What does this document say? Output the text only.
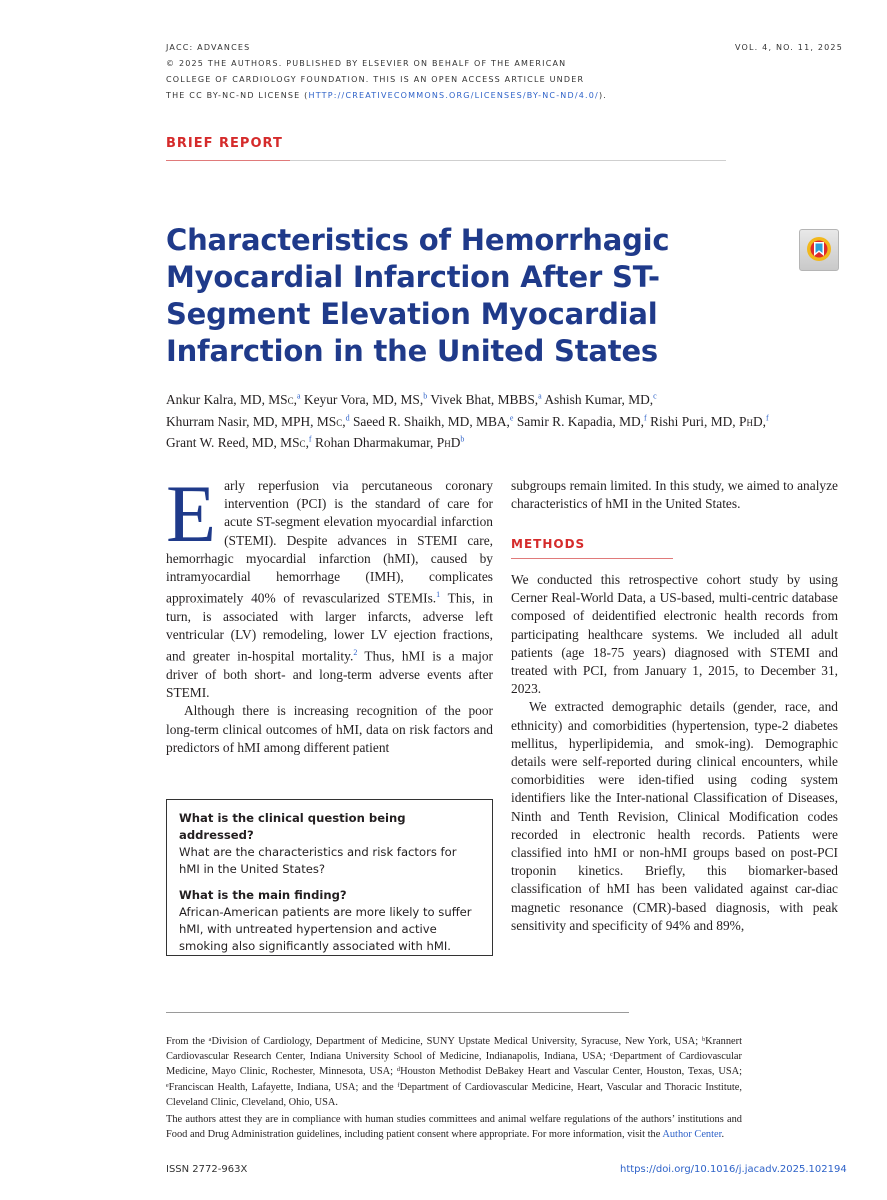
JACC: ADVANCES	VOL. 4, NO. 11, 2025
© 2025 THE AUTHORS. PUBLISHED BY ELSEVIER ON BEHALF OF THE AMERICAN
COLLEGE OF CARDIOLOGY FOUNDATION. THIS IS AN OPEN ACCESS ARTICLE UNDER
THE CC BY-NC-ND LICENSE (HTTP://CREATIVECOMMONS.ORG/LICENSES/BY-NC-ND/4.0/).
BRIEF REPORT
Characteristics of Hemorrhagic Myocardial Infarction After ST-Segment Elevation Myocardial Infarction in the United States
Ankur Kalra, MD, MSc,$^a$ Keyur Vora, MD, MS,$^b$ Vivek Bhat, MBBS,$^a$ Ashish Kumar, MD,$^c$
Khurram Nasir, MD, MPH, MSc,$^d$ Saeed R. Shaikh, MD, MBA,$^e$ Samir R. Kapadia, MD,$^f$ Rishi Puri, MD, PhD,$^f$
Grant W. Reed, MD, MSc,$^f$ Rohan Dharmakumar, PhD$^b$

Early reperfusion via percutaneous coronary intervention (PCI) is the standard of care for acute ST-segment elevation myocardial infarction (STEMI). Despite advances in STEMI care, hemorrhagic myocardial infarction (hMI), caused by intramyocardial hemorrhage (IMH), complicates approximately 40% of revascularized STEMIs.$^1$ This, in turn, is associated with larger infarcts, adverse left ventricular (LV) remodeling, lower LV ejection fractions, and greater in-hospital mortality.$^2$ Thus, hMI is a major driver of both short- and long-term adverse events after STEMI.

Although there is increasing recognition of the poor long-term clinical outcomes of hMI, data on risk factors and predictors of hMI among different patient

What is the clinical question being addressed?
What are the characteristics and risk factors for hMI in the United States?
What is the main finding?
African-American patients are more likely to suffer hMI, with untreated hypertension and active smoking also significantly associated with hMI.

subgroups remain limited. In this study, we aimed to analyze characteristics of hMI in the United States.

METHODS

We conducted this retrospective cohort study by using Cerner Real-World Data, a US-based, multi-centric database composed of deidentified electronic health records from participating healthcare systems. We included all adult patients (age 18-75 years) diagnosed with STEMI and treated with PCI, from January 1, 2015, to December 31, 2023.

We extracted demographic details (gender, race, and ethnicity) and comorbidities (hypertension, type-2 diabetes mellitus, hyperlipidemia, and smok-ing). Demographic details were self-reported during clinical encounters, while comorbidities were iden-tified using coding system identifiers like the Inter-national Classification of Diseases, Ninth and Tenth Revision, Clinical Modification codes recorded in electronic health records. Patients were classified into hMI or non-hMI groups based on post-PCI troponin kinetics. Briefly, this biomarker-based classification of hMI has been validated against car-diac magnetic resonance (CMR)-based diagnosis, with peak sensitivity and specificity of 94% and 89%,

From the ᵃDivision of Cardiology, Department of Medicine, SUNY Upstate Medical University, Syracuse, New York, USA; ᵇKrannert Cardiovascular Research Center, Indiana University School of Medicine, Indianapolis, Indiana, USA; ᶜDepartment of Cardiovascular Medicine, Mayo Clinic, Rochester, Minnesota, USA; ᵈHouston Methodist DeBakey Heart and Vascular Center, Houston, Texas, USA; ᵉFranciscan Health, Lafayette, Indiana, USA; and the ᶠDepartment of Cardiovascular Medicine, Heart, Vascular and Thoracic Institute, Cleveland Clinic, Cleveland, Ohio, USA.
The authors attest they are in compliance with human studies committees and animal welfare regulations of the authors’ institutions and Food and Drug Administration guidelines, including patient consent where appropriate. For more information, visit the Author Center.
ISSN 2772-963X	https://doi.org/10.1016/j.jacadv.2025.102194
